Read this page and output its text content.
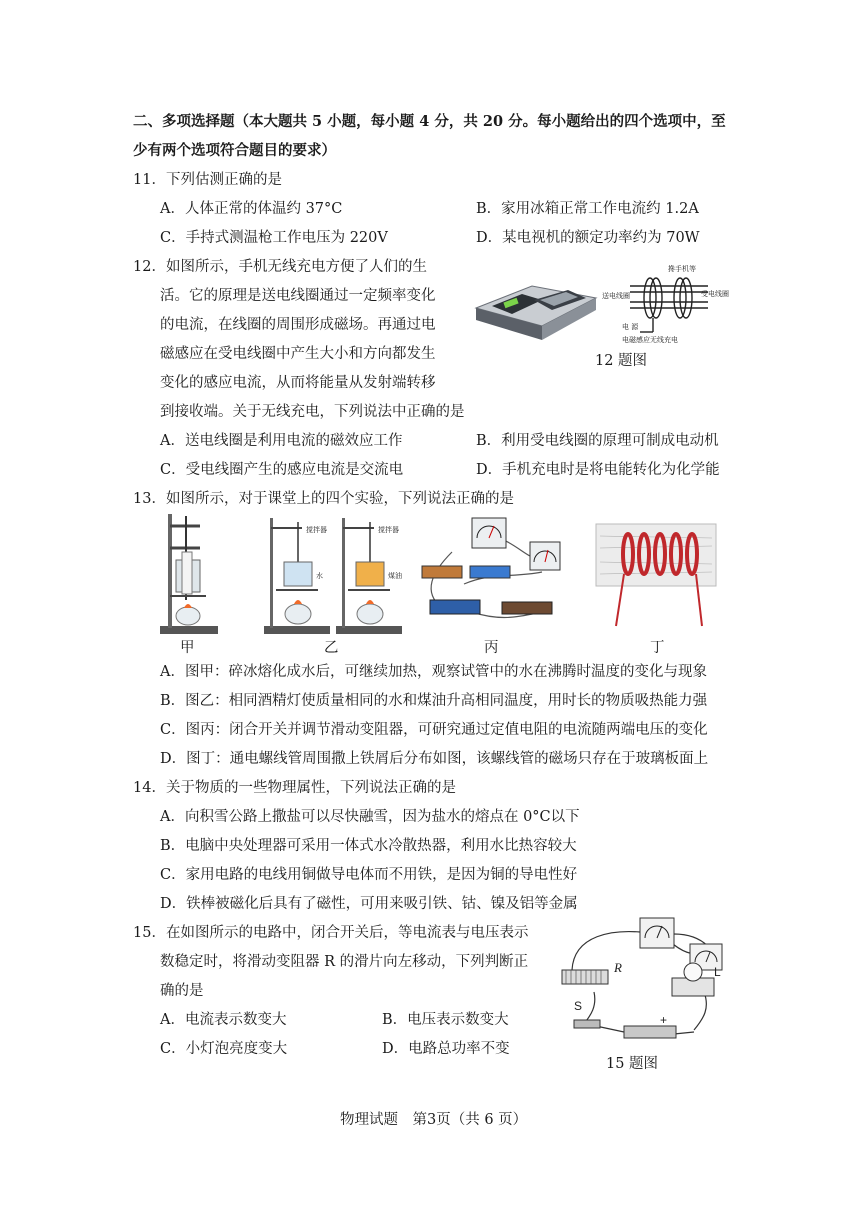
二、多项选择题（本大题共 5 小题，每小题 4 分，共 20 分。每小题给出的四个选项中，至
少有两个选项符合题目的要求）
11．下列估测正确的是
A．人体正常的体温约 37°C	B．家用冰箱正常工作电流约 1.2A
C．手持式测温枪工作电压为 220V	D．某电视机的额定功率约为 70W
12．如图所示，手机无线充电方便了人们的生
活。它的原理是送电线圈通过一定频率变化
的电流，在线圈的周围形成磁场。再通过电
磁感应在受电线圈中产生大小和方向都发生
变化的感应电流，从而将能量从发射端转移
到接收端。关于无线充电，下列说法中正确的是
搀手机等
送电线圈	受电线圈
电 源
电磁感应无线充电
12 题图
A．送电线圈是利用电流的磁效应工作	B．利用受电线圈的原理可制成电动机
C．受电线圈产生的感应电流是交流电	D．手机充电时是将电能转化为化学能
13．如图所示，对于课堂上的四个实验，下列说法正确的是
搅拌器	搅拌器
水	煤油
甲	乙	丙	丁
A．图甲：碎冰熔化成水后，可继续加热，观察试管中的水在沸腾时温度的变化与现象
B．图乙：相同酒精灯使质量相同的水和煤油升高相同温度，用时长的物质吸热能力强
C．图丙：闭合开关并调节滑动变阻器，可研究通过定值电阻的电流随两端电压的变化
D．图丁：通电螺线管周围撒上铁屑后分布如图，该螺线管的磁场只存在于玻璃板面上
14．关于物质的一些物理属性，下列说法正确的是
A．向积雪公路上撒盐可以尽快融雪，因为盐水的熔点在 0°C以下
B．电脑中央处理器可采用一体式水冷散热器，利用水比热容较大
C．家用电路的电线用铜做导电体而不用铁，是因为铜的导电性好
D．铁棒被磁化后具有了磁性，可用来吸引铁、钴、镍及铝等金属
15．在如图所示的电路中，闭合开关后，等电流表与电压表示
数稳定时，将滑动变阻器 R 的滑片向左移动，下列判断正
确的是
A．电流表示数变大	B．电压表示数变大
C．小灯泡亮度变大	D．电路总功率不变
R	L
S
+
15 题图
物理试题　第3页（共 6 页）
